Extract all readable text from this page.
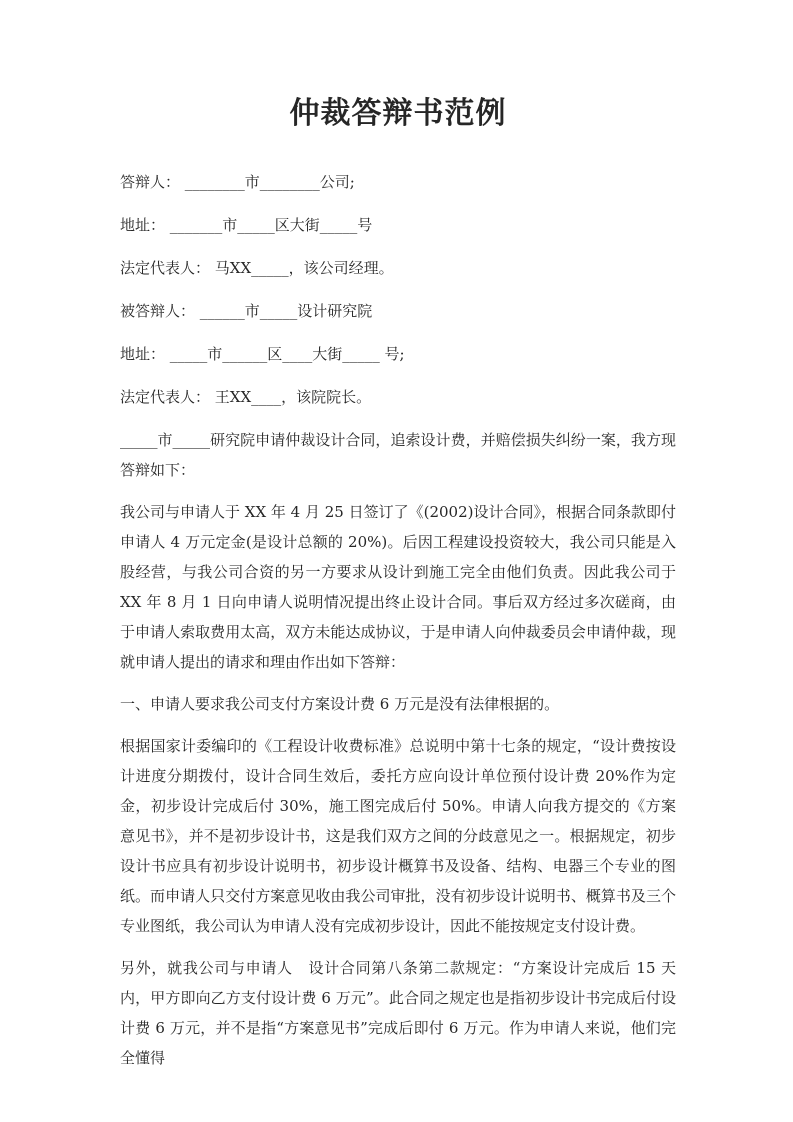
仲裁答辩书范例

答辩人： ________市________公司;

地址： _______市_____区大街_____号

法定代表人： 马XX_____，该公司经理。

被答辩人： ______市_____设计研究院

地址： _____市______区____大街_____ 号;

法定代表人： 王XX____，该院院长。

_____市_____研究院申请仲裁设计合同，追索设计费，并赔偿损失纠纷一案，我方现答辩如下：

我公司与申请人于 XX 年 4 月 25 日签订了《(2002)设计合同》，根据合同条款即付申请人 4 万元定金(是设计总额的 20%)。后因工程建设投资较大，我公司只能是入股经营，与我公司合资的另一方要求从设计到施工完全由他们负责。因此我公司于 XX 年 8 月 1 日向申请人说明情况提出终止设计合同。事后双方经过多次磋商，由于申请人索取费用太高，双方未能达成协议，于是申请人向仲裁委员会申请仲裁，现就申请人提出的请求和理由作出如下答辩：

一、申请人要求我公司支付方案设计费 6 万元是没有法律根据的。

根据国家计委编印的《工程设计收费标准》总说明中第十七条的规定，“设计费按设计进度分期拨付，设计合同生效后，委托方应向设计单位预付设计费 20%作为定金，初步设计完成后付 30%，施工图完成后付 50%。申请人向我方提交的《方案意见书》，并不是初步设计书，这是我们双方之间的分歧意见之一。根据规定，初步设计书应具有初步设计说明书，初步设计概算书及设备、结构、电器三个专业的图纸。而申请人只交付方案意见收由我公司审批，没有初步设计说明书、概算书及三个专业图纸，我公司认为申请人没有完成初步设计，因此不能按规定支付设计费。

另外，就我公司与申请人　设计合同第八条第二款规定：“方案设计完成后 15 天内，甲方即向乙方支付设计费 6 万元”。此合同之规定也是指初步设计书完成后付设计费 6 万元，并不是指“方案意见书”完成后即付 6 万元。作为申请人来说，他们完全懂得
